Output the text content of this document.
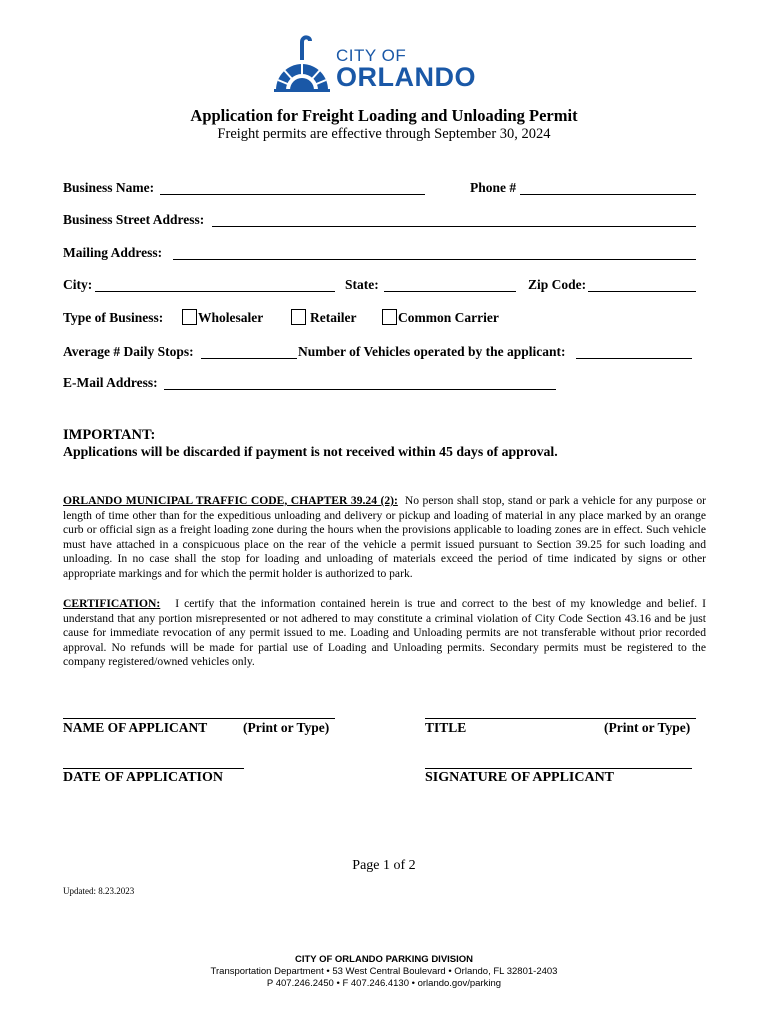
CITY OF
ORLANDO
Application for Freight Loading and Unloading Permit
Freight permits are effective through September 30, 2024
Business Name:	Phone #
Business Street Address:
Mailing Address:
City:	State:	Zip Code:
Type of Business:	Wholesaler	Retailer	Common Carrier
Average # Daily Stops:	Number of Vehicles operated by the applicant:
E-Mail Address:
IMPORTANT:
Applications will be discarded if payment is not received within 45 days of approval.
ORLANDO MUNICIPAL TRAFFIC CODE, CHAPTER 39.24 (2): No person shall stop, stand or park a vehicle for any purpose or length of time other than for the expeditious unloading and delivery or pickup and loading of material in any place marked by an orange curb or official sign as a freight loading zone during the hours when the provisions applicable to loading zones are in effect. Such vehicle must have attached in a conspicuous place on the rear of the vehicle a permit issued pursuant to Section 39.25 for such loading and unloading. In no case shall the stop for loading and unloading of materials exceed the period of time indicated by signs or other appropriate markings and for which the permit holder is authorized to park.
CERTIFICATION: I certify that the information contained herein is true and correct to the best of my knowledge and belief. I understand that any portion misrepresented or not adhered to may constitute a criminal violation of City Code Section 43.16 and be just cause for immediate revocation of any permit issued to me. Loading and Unloading permits are not transferable without prior recorded approval. No refunds will be made for partial use of Loading and Unloading permits. Secondary permits must be registered to the company registered/owned vehicles only.
NAME OF APPLICANT	(Print or Type)	TITLE	(Print or Type)
DATE OF APPLICATION	SIGNATURE OF APPLICANT
Page 1 of 2
Updated: 8.23.2023
CITY OF ORLANDO PARKING DIVISION
Transportation Department • 53 West Central Boulevard • Orlando, FL 32801-2403
P 407.246.2450 • F 407.246.4130 • orlando.gov/parking
